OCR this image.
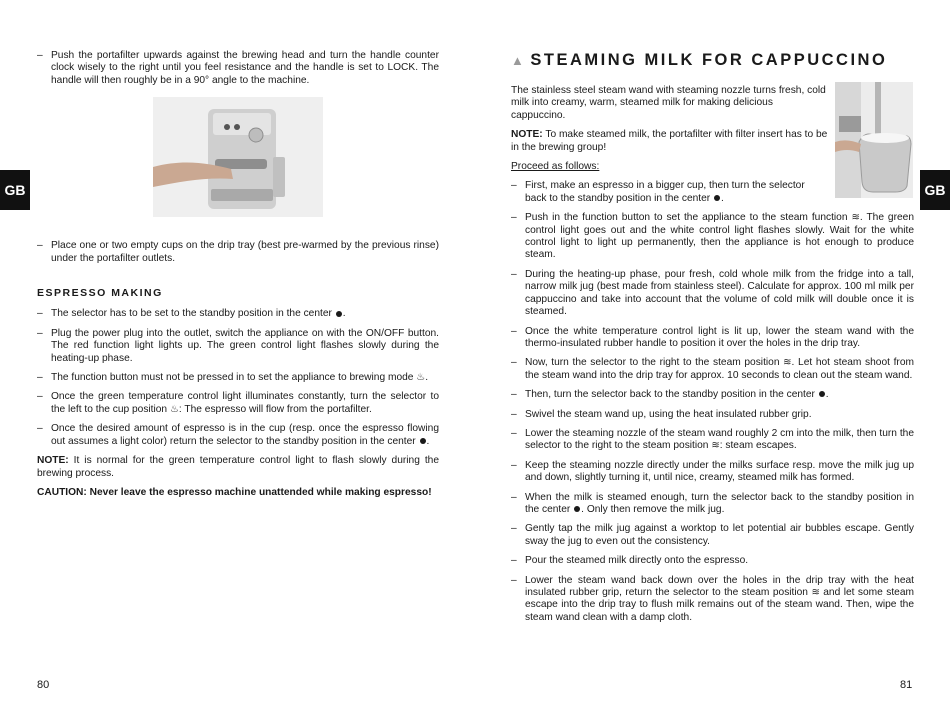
GB	GB
– Push the portafilter upwards against the brewing head and turn the handle counter clock wisely to the right until you feel resistance and the handle is set to LOCK. The handle will then roughly be in a 90° angle to the machine.
– Place one or two empty cups on the drip tray (best pre-warmed by the previous rinse) under the portafilter outlets.
ESPRESSO MAKING
– The selector has to be set to the standby position in the center .
– Plug the power plug into the outlet, switch the appliance on with the ON/OFF button. The red function light lights up. The green control light flashes slowly during the heating-up phase.
– The function button must not be pressed in to set the appliance to brewing mode ♨.
– Once the green temperature control light illuminates constantly, turn the selector to the left to the cup position ♨: The espresso will flow from the portafilter.
– Once the desired amount of espresso is in the cup (resp. once the espresso flowing out assumes a light color) return the selector to the standby position in the center .

NOTE: It is normal for the green temperature control light to flash slowly during the brewing process.

CAUTION: Never leave the espresso machine unattended while making espresso!

80
▲ STEAMING MILK FOR CAPPUCCINO

The stainless steel steam wand with steaming nozzle turns fresh, cold milk into creamy, warm, steamed milk for making delicious cappuccino.

NOTE: To make steamed milk, the portafilter with filter insert has to be in the brewing group!

Proceed as follows:

– First, make an espresso in a bigger cup, then turn the selector back to the standby position in the center .
– Push in the function button to set the appliance to the steam function ≋. The green control light goes out and the white control light flashes slowly. Wait for the white control light to light up permanently, then the appliance is hot enough to produce steam.
– During the heating-up phase, pour fresh, cold whole milk from the fridge into a tall, narrow milk jug (best made from stainless steel). Calculate for approx. 100 ml milk per cappuccino and take into account that the volume of cold milk will double once it is steamed.
– Once the white temperature control light is lit up, lower the steam wand with the thermo-insulated rubber handle to position it over the holes in the drip tray.
– Now, turn the selector to the right to the steam position ≋. Let hot steam shoot from the steam wand into the drip tray for approx. 10 seconds to clean out the steam wand.
– Then, turn the selector back to the standby position in the center .
– Swivel the steam wand up, using the heat insulated rubber grip.
– Lower the steaming nozzle of the steam wand roughly 2 cm into the milk, then turn the selector to the right to the steam position ≋: steam escapes.
– Keep the steaming nozzle directly under the milks surface resp. move the milk jug up and down, slightly turning it, until nice, creamy, steamed milk has formed.
– When the milk is steamed enough, turn the selector back to the standby position in the center . Only then remove the milk jug.
– Gently tap the milk jug against a worktop to let potential air bubbles escape. Gently sway the jug to even out the consistency.
– Pour the steamed milk directly onto the espresso.
– Lower the steam wand back down over the holes in the drip tray with the heat insulated rubber grip, return the selector to the steam position ≋ and let some steam escape into the drip tray to flush milk remains out of the steam wand. Then, wipe the steam wand clean with a damp cloth.
81
